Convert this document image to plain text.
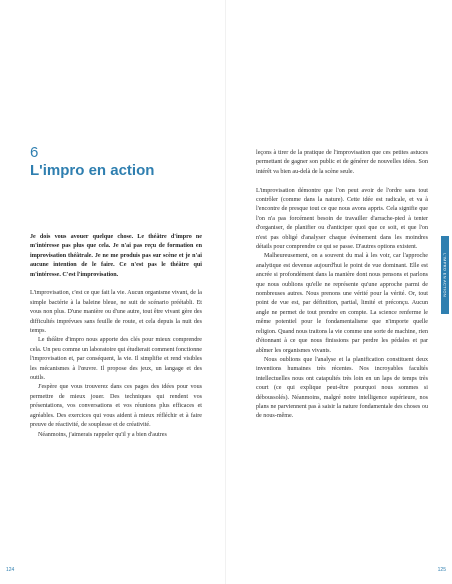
6
L'impro en action

Je dois vous avouer quelque chose. Le théâtre d'impro ne m'intéresse pas plus que cela. Je n'ai pas reçu de formation en improvisation théâtrale. Je ne me produis pas sur scène et je n'ai aucune intention de le faire. Ce n'est pas le théâtre qui m'intéresse. C'est l'improvisation.

L'improvisation, c'est ce que fait la vie. Aucun organisme vivant, de la simple bactérie à la baleine bleue, ne suit de scénario préétabli. Et vous non plus. D'une manière ou d'une autre, tout être vivant gère des difficultés imprévues sans feuille de route, et cela depuis la nuit des temps.

Le théâtre d'impro nous apporte des clés pour mieux comprendre cela. Un peu comme un laboratoire qui étudierait comment fonctionne l'improvisation et, par conséquent, la vie. Il simplifie et rend visibles les mécanismes à l'œuvre. Il propose des jeux, un langage et des outils.

J'espère que vous trouverez dans ces pages des idées pour vous permettre de mieux jouer. Des techniques qui rendent vos présentations, vos conversations et vos réunions plus efficaces et agréables. Des exercices qui vous aident à mieux réfléchir et à faire preuve de réactivité, de souplesse et de créativité.

Néanmoins, j'aimerais rappeler qu'il y a bien d'autres

124

leçons à tirer de la pratique de l'improvisation que ces petites astuces permettant de gagner son public et de générer de nouvelles idées. Son intérêt va bien au-delà de la scène seule.

L'improvisation démontre que l'on peut avoir de l'ordre sans tout contrôler (comme dans la nature). Cette idée est radicale, et va à l'encontre de presque tout ce que nous avons appris. Cela signifie que l'on n'a pas forcément besoin de travailler d'arrache-pied à tenter d'organiser, de planifier ou d'anticiper quoi que ce soit, et que l'on n'est pas obligé d'analyser chaque événement dans les moindres détails pour comprendre ce qui se passe. D'autres options existent.

Malheureusement, on a souvent du mal à les voir, car l'approche analytique est devenue aujourd'hui le point de vue dominant. Elle est ancrée si profondément dans la manière dont nous pensons et parlons que nous oublions qu'elle ne représente qu'une approche parmi de nombreuses autres. Nous prenons une vérité pour la vérité. Or, tout point de vue est, par définition, partial, limité et préconçu. Aucun angle ne permet de tout prendre en compte. La science renferme le même potentiel pour le fondamentalisme que n'importe quelle religion. Quand nous traitons la vie comme une sorte de machine, rien d'étonnant à ce que nous finissions par perdre les pédales et par abîmer les organismes vivants.

Nous oublions que l'analyse et la planification constituent deux inventions humaines très récentes. Nos incroyables facultés intellectuelles nous ont catapultés très loin en un laps de temps très court (ce qui explique peut-être pourquoi nous sommes si déboussolés). Néanmoins, malgré notre intelligence supérieure, nos plans ne parviennent pas à saisir la nature fondamentale des choses ou de nous-même.

L'IMPRO EN ACTION
125
